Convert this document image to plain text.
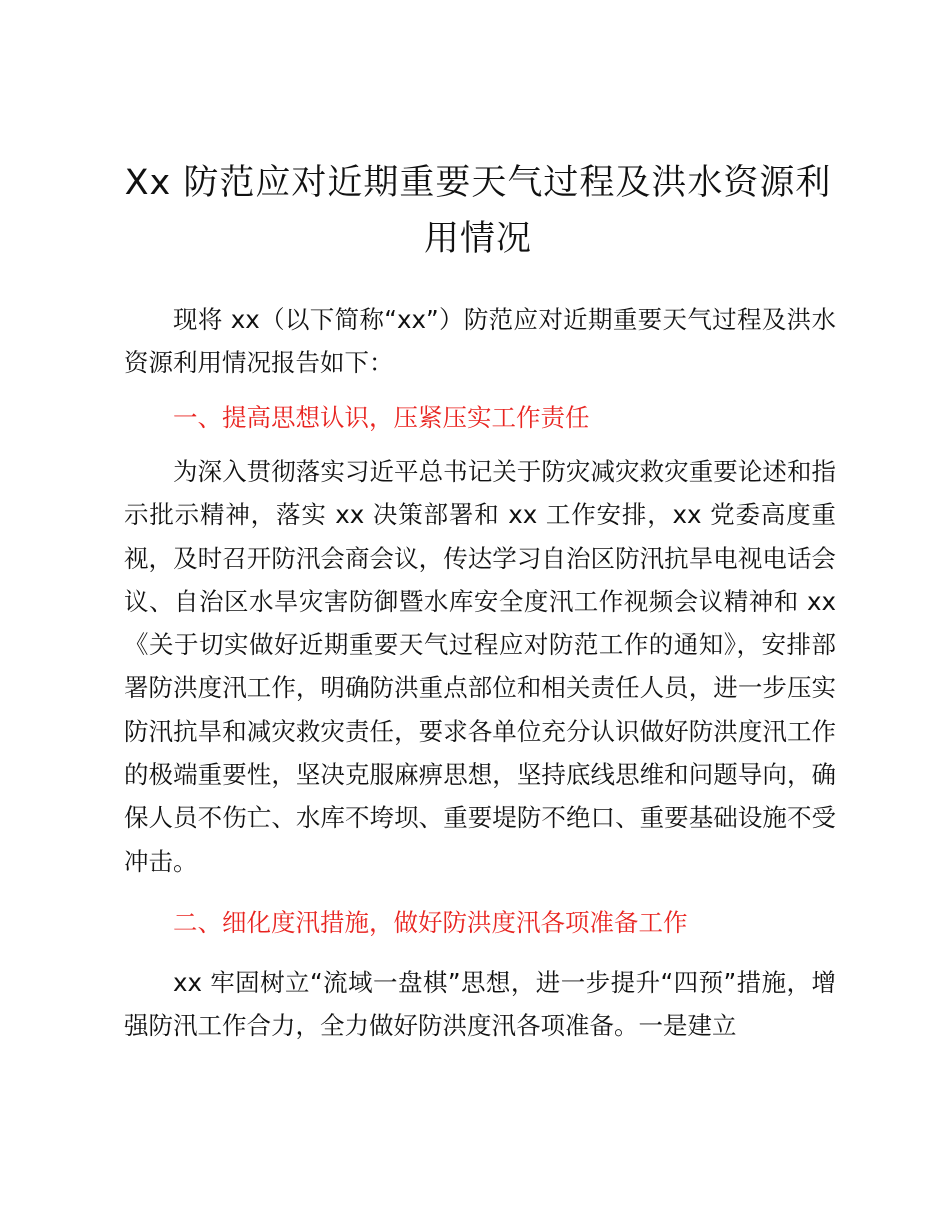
Xx 防范应对近期重要天气过程及洪水资源利用情况

现将 xx（以下简称“xx”）防范应对近期重要天气过程及洪水资源利用情况报告如下：

一、提高思想认识，压紧压实工作责任

为深入贯彻落实习近平总书记关于防灾减灾救灾重要论述和指示批示精神，落实 xx 决策部署和 xx 工作安排，xx 党委高度重视，及时召开防汛会商会议，传达学习自治区防汛抗旱电视电话会议、自治区水旱灾害防御暨水库安全度汛工作视频会议精神和 xx《关于切实做好近期重要天气过程应对防范工作的通知》，安排部署防洪度汛工作，明确防洪重点部位和相关责任人员，进一步压实防汛抗旱和减灾救灾责任，要求各单位充分认识做好防洪度汛工作的极端重要性，坚决克服麻痹思想，坚持底线思维和问题导向，确保人员不伤亡、水库不垮坝、重要堤防不绝口、重要基础设施不受冲击。

二、细化度汛措施，做好防洪度汛各项准备工作

xx 牢固树立“流域一盘棋”思想，进一步提升“四预”措施，增强防汛工作合力，全力做好防洪度汛各项准备。一是建立
